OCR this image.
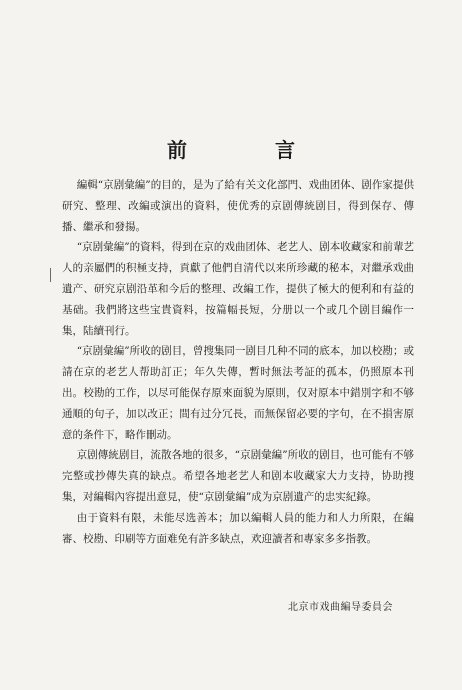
前　言

編輯“京剧彙編”的目的，是为了給有关文化部門、戏曲团体、剧作家提供研究、整理、改編或演出的資料，使优秀的京剧傳統剧目，得到保存、傳播、繼承和發揚。

“京剧彙編”的資料，得到在京的戏曲团体、老艺人、剧本收藏家和前輩艺人的亲屬們的积極支持，貢獻了他們自清代以来所珍藏的秘本，对繼承戏曲遺产、研究京剧沿革和今后的整理、改編工作，提供了極大的便利和有益的基础。我們將这些宝貴資料，按篇幅長短，分册以一个或几个剧目編作一集，陆續刊行。

“京剧彙編”所收的剧目，曾搜集同一剧目几种不同的底本，加以校勘；或請在京的老艺人帮助訂正；年久失傳，暫时無法考証的孤本，仍照原本刊出。校勘的工作，以尽可能保存原來面貌为原則，仅对原本中錯別字和不够通順的句子，加以改正；間有过分冗長，而無保留必要的字句，在不損害原意的条件下，略作刪动。

京剧傳統剧目，流散各地的很多，“京剧彙編”所收的剧目，也可能有不够完整或抄傳失真的缺点。希望各地老艺人和剧本收藏家大力支持，协助搜集，对編輯內容提出意見，使“京剧彙編”成为京剧遺产的忠实紀錄。

由于資料有限，未能尽选善本；加以編輯人員的能力和人力所限，在編審、校勘、印刷等方面难免有許多缺点，欢迎讀者和專家多多指教。

北京市戏曲編导委員会
